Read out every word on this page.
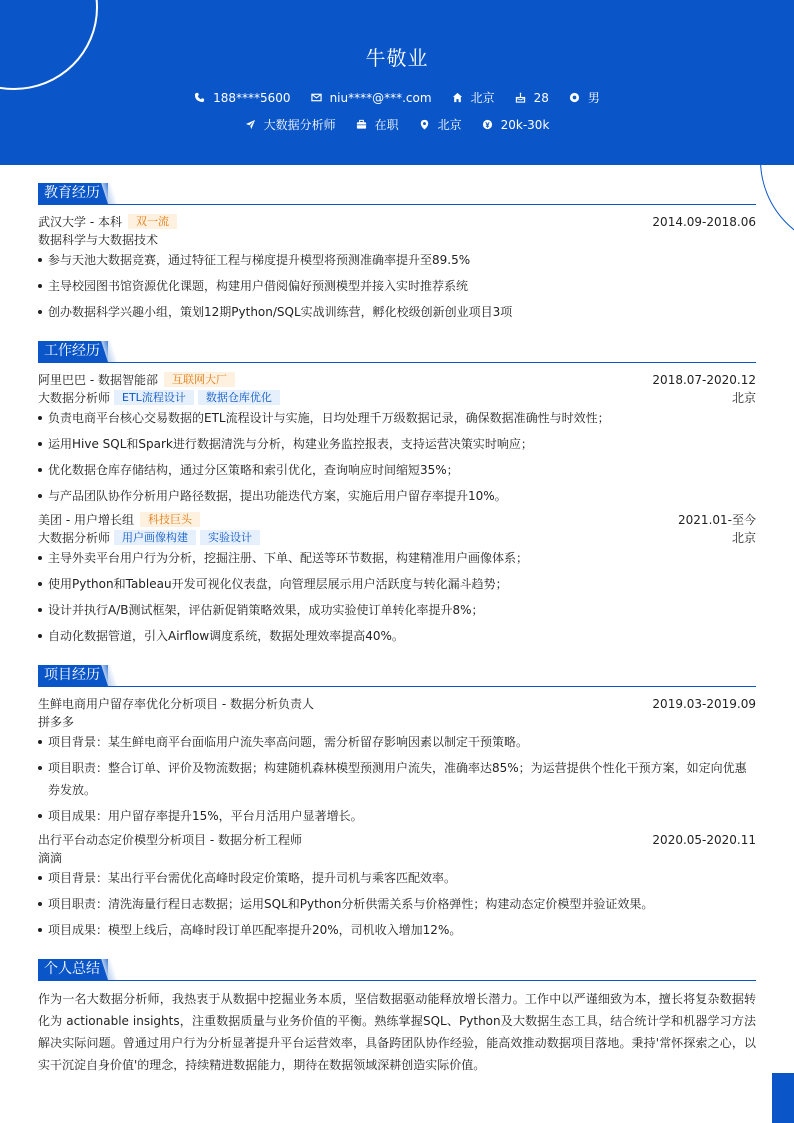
牛敬业
188****5600	niu****@***.com	北京	28	男
大数据分析师	在职	北京	20k-30k
教育经历
武汉大学 - 本科 双一流	2014.09-2018.06
数据科学与大数据技术
参与天池大数据竞赛，通过特征工程与梯度提升模型将预测准确率提升至89.5%
主导校园图书馆资源优化课题，构建用户借阅偏好预测模型并接入实时推荐系统
创办数据科学兴趣小组，策划12期Python/SQL实战训练营，孵化校级创新创业项目3项
工作经历
阿里巴巴 - 数据智能部 互联网大厂	2018.07-2020.12
大数据分析师 ETL流程设计 数据仓库优化	北京
负责电商平台核心交易数据的ETL流程设计与实施，日均处理千万级数据记录，确保数据准确性与时效性；
运用Hive SQL和Spark进行数据清洗与分析，构建业务监控报表，支持运营决策实时响应；
优化数据仓库存储结构，通过分区策略和索引优化，查询响应时间缩短35%；
与产品团队协作分析用户路径数据，提出功能迭代方案，实施后用户留存率提升10%。
美团 - 用户增长组 科技巨头	2021.01-至今
大数据分析师 用户画像构建 实验设计	北京
主导外卖平台用户行为分析，挖掘注册、下单、配送等环节数据，构建精准用户画像体系；
使用Python和Tableau开发可视化仪表盘，向管理层展示用户活跃度与转化漏斗趋势；
设计并执行A/B测试框架，评估新促销策略效果，成功实验使订单转化率提升8%；
自动化数据管道，引入Airflow调度系统，数据处理效率提高40%。
项目经历
生鲜电商用户留存率优化分析项目 - 数据分析负责人	2019.03-2019.09
拼多多
项目背景：某生鲜电商平台面临用户流失率高问题，需分析留存影响因素以制定干预策略。
项目职责：整合订单、评价及物流数据；构建随机森林模型预测用户流失，准确率达85%；为运营提供个性化干预方案，如定向优惠券发放。
项目成果：用户留存率提升15%，平台月活用户显著增长。
出行平台动态定价模型分析项目 - 数据分析工程师	2020.05-2020.11
滴滴
项目背景：某出行平台需优化高峰时段定价策略，提升司机与乘客匹配效率。
项目职责：清洗海量行程日志数据；运用SQL和Python分析供需关系与价格弹性；构建动态定价模型并验证效果。
项目成果：模型上线后，高峰时段订单匹配率提升20%，司机收入增加12%。
个人总结
作为一名大数据分析师，我热衷于从数据中挖掘业务本质，坚信数据驱动能释放增长潜力。工作中以严谨细致为本，擅长将复杂数据转化为 actionable insights，注重数据质量与业务价值的平衡。熟练掌握SQL、Python及大数据生态工具，结合统计学和机器学习方法解决实际问题。曾通过用户行为分析显著提升平台运营效率，具备跨团队协作经验，能高效推动数据项目落地。秉持'常怀探索之心，以实干沉淀自身价值'的理念，持续精进数据能力，期待在数据领域深耕创造实际价值。
